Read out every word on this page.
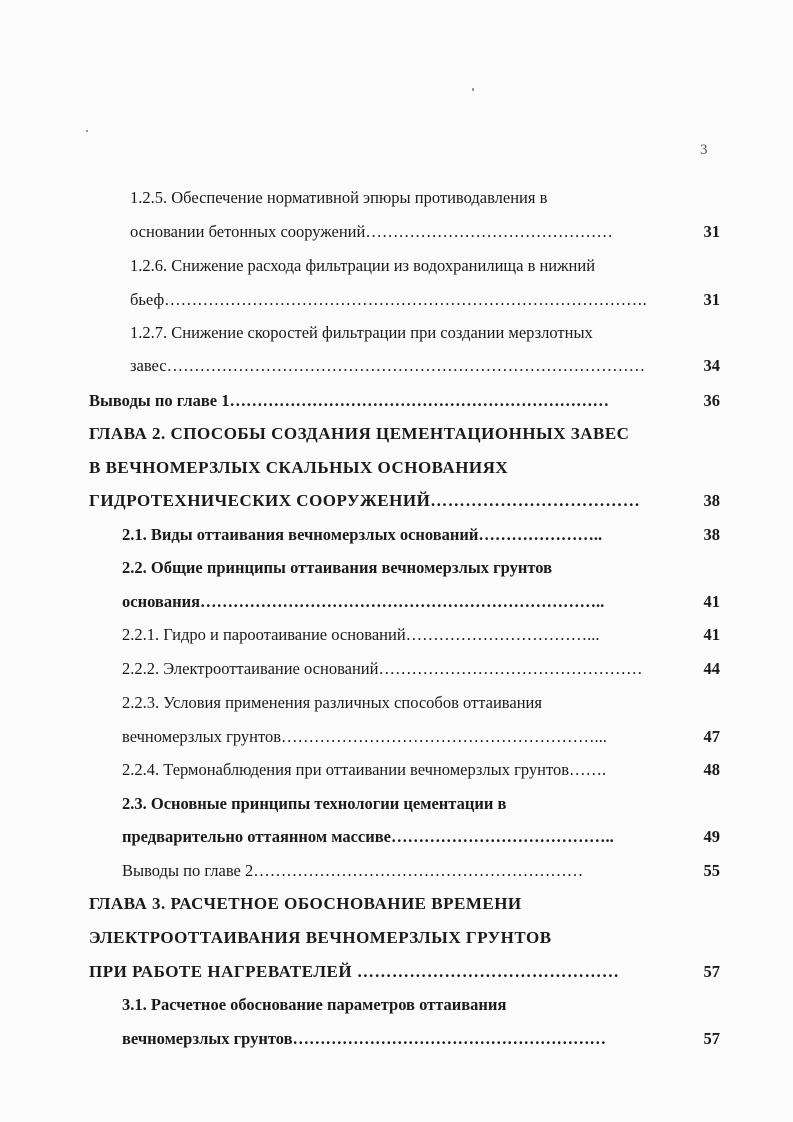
3
1.2.5. Обеспечение нормативной эпюры противодавления в
основании бетонных сооружений………………………………………	31
1.2.6. Снижение расхода фильтрации из водохранилища в нижний
бьеф…………………………………………………………………………….	31
1.2.7. Снижение скоростей фильтрации при создании мерзлотных
завес……………………………………………………………………………	34
Выводы по главе 1……………………………………………………………	36
ГЛАВА 2. СПОСОБЫ СОЗДАНИЯ ЦЕМЕНТАЦИОННЫХ ЗАВЕС
В ВЕЧНОМЕРЗЛЫХ СКАЛЬНЫХ ОСНОВАНИЯХ
ГИДРОТЕХНИЧЕСКИХ СООРУЖЕНИЙ………………………………	38
2.1. Виды оттаивания вечномерзлых оснований…………………..	38
2.2. Общие принципы оттаивания вечномерзлых грунтов
основания………………………………………………………………..	41
2.2.1. Гидро и пароотаивание оснований……………………………...	41
2.2.2. Электрооттаивание оснований…………………………………………	44
2.2.3. Условия применения различных способов оттаивания
вечномерзлых грунтов…………………………………………………...	47
2.2.4. Термонаблюдения при оттаивании вечномерзлых грунтов…….	48
2.3. Основные принципы технологии цементации в
предварительно оттаянном массиве…………………………………..	49
Выводы по главе 2……………………………………………………	55
ГЛАВА 3. РАСЧЕТНОЕ ОБОСНОВАНИЕ ВРЕМЕНИ
ЭЛЕКТРООТТАИВАНИЯ ВЕЧНОМЕРЗЛЫХ ГРУНТОВ
ПРИ РАБОТЕ НАГРЕВАТЕЛЕЙ ………………………………………	57
3.1. Расчетное обоснование параметров оттаивания
вечномерзлых грунтов…………………………………………………	57
